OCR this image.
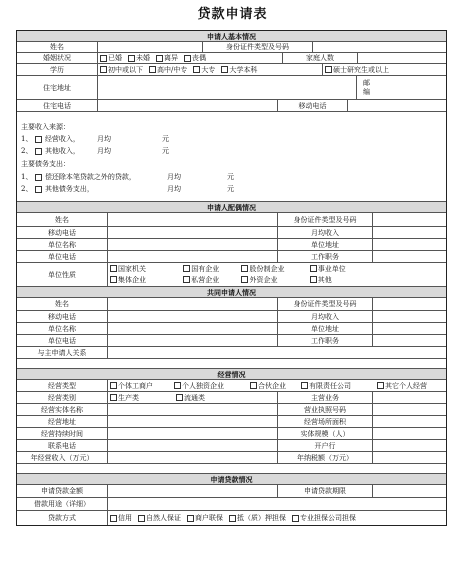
贷款申请表
申请人基本情况
姓名	身份证件类型及号码
婚姻状况	已婚	未婚	离异	丧偶	家庭人数
学历	初中或以下	高中/中专	大专	大学本科	硕士研究生或以上
住宅地址
邮
编
住宅电话	移动电话
主要收入来源：
1、 经营收入， 月均	元
2、 其他收入， 月均	元
主要债务支出：
1、 偿还除本笔贷款之外的贷款，	月均	元
2、 其他债务支出，	月均	元
申请人配偶情况
姓名	身份证件类型及号码
移动电话	月均收入
单位名称	单位地址
单位电话	工作职务
单位性质
国家机关	国有企业	股份制企业	事业单位
集体企业	私营企业	外资企业	其他
共同申请人情况
姓名	身份证件类型及号码
移动电话	月均收入
单位名称	单位地址
单位电话	工作职务
与主申请人关系
经营情况
经营类型	个体工商户	个人独资企业	合伙企业	有限责任公司	其它个人经营
经营类别	生产类	流通类	主营业务
经营实体名称	营业执照号码
经营地址	经营场所面积
经营持续时间	实体规模（人）
联系电话	开户行
年经营收入（万元）	年纳税额（万元）
申请贷款情况
申请贷款金额	申请贷款期限
借款用途（详细）
贷款方式	信用	自然人保证	商户联保	抵（质）押担保	专业担保公司担保
